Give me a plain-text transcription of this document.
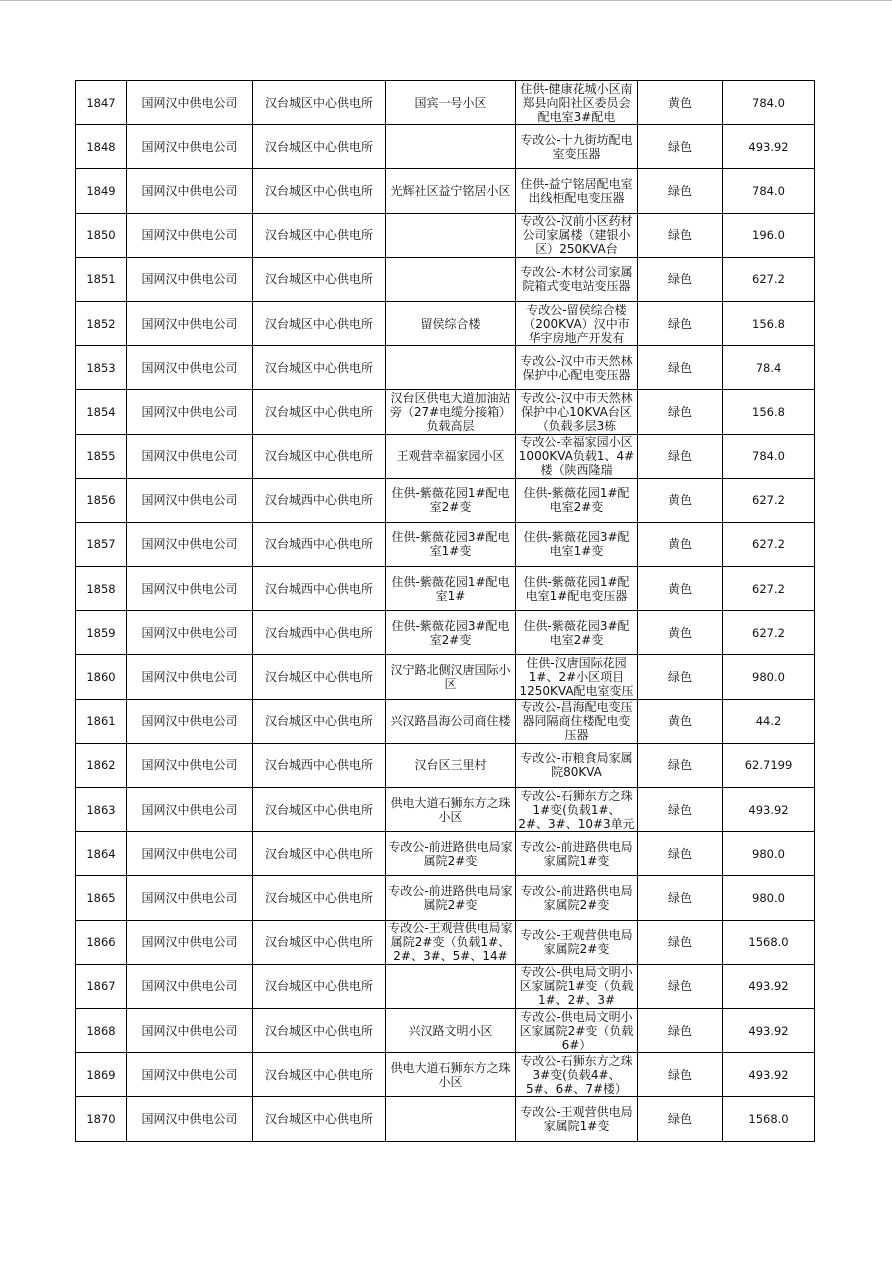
1847	国网汉中供电公司	汉台城区中心供电所	国宾一号小区	住供-健康花城小区南郑县向阳社区委员会配电室3#配电	黄色	784.0
1848	国网汉中供电公司	汉台城区中心供电所		专改公-十九街坊配电室变压器	绿色	493.92
1849	国网汉中供电公司	汉台城区中心供电所	光辉社区益宁铭居小区	住供-益宁铭居配电室出线柜配电变压器	绿色	784.0
1850	国网汉中供电公司	汉台城区中心供电所		专改公-汉前小区药材公司家属楼（建银小区）250KVA台	绿色	196.0
1851	国网汉中供电公司	汉台城区中心供电所		专改公-木材公司家属院箱式变电站变压器	绿色	627.2
1852	国网汉中供电公司	汉台城区中心供电所	留侯综合楼	专改公-留侯综合楼（200KVA）汉中市华宇房地产开发有	绿色	156.8
1853	国网汉中供电公司	汉台城区中心供电所		专改公-汉中市天然林保护中心配电变压器	绿色	78.4
1854	国网汉中供电公司	汉台城区中心供电所	汉台区供电大道加油站旁（27#电缆分接箱）负载高层	专改公-汉中市天然林保护中心10KVA台区（负载多层3栋	绿色	156.8
1855	国网汉中供电公司	汉台城区中心供电所	王观营幸福家园小区	专改公-幸福家园小区1000KVA负载1、4#楼（陕西隆瑞	绿色	784.0
1856	国网汉中供电公司	汉台城西中心供电所	住供-紫薇花园1#配电室2#变	住供-紫薇花园1#配电室2#变	黄色	627.2
1857	国网汉中供电公司	汉台城西中心供电所	住供-紫薇花园3#配电室1#变	住供-紫薇花园3#配电室1#变	黄色	627.2
1858	国网汉中供电公司	汉台城西中心供电所	住供-紫薇花园1#配电室1#	住供-紫薇花园1#配电室1#配电变压器	黄色	627.2
1859	国网汉中供电公司	汉台城西中心供电所	住供-紫薇花园3#配电室2#变	住供-紫薇花园3#配电室2#变	黄色	627.2
1860	国网汉中供电公司	汉台城区中心供电所	汉宁路北侧汉唐国际小区	住供-汉唐国际花园1#、2#小区项目1250KVA配电室变压	绿色	980.0
1861	国网汉中供电公司	汉台城区中心供电所	兴汉路昌海公司商住楼	专改公-昌海配电变压器同隔商住楼配电变压器	黄色	44.2
1862	国网汉中供电公司	汉台城西中心供电所	汉台区三里村	专改公-市粮食局家属院80KVA	绿色	62.7199
1863	国网汉中供电公司	汉台城区中心供电所	供电大道石狮东方之珠小区	专改公-石狮东方之珠1#变(负载1#、2#、3#、10#3单元	绿色	493.92
1864	国网汉中供电公司	汉台城区中心供电所	专改公-前进路供电局家属院2#变	专改公-前进路供电局家属院1#变	绿色	980.0
1865	国网汉中供电公司	汉台城区中心供电所	专改公-前进路供电局家属院2#变	专改公-前进路供电局家属院2#变	绿色	980.0
1866	国网汉中供电公司	汉台城区中心供电所	专改公-王观营供电局家属院2#变（负载1#、2#、3#、5#、14#	专改公-王观营供电局家属院2#变	绿色	1568.0
1867	国网汉中供电公司	汉台城区中心供电所		专改公-供电局文明小区家属院1#变（负载1#、2#、3#	绿色	493.92
1868	国网汉中供电公司	汉台城区中心供电所	兴汉路文明小区	专改公-供电局文明小区家属院2#变（负载6#）	绿色	493.92
1869	国网汉中供电公司	汉台城区中心供电所	供电大道石狮东方之珠小区	专改公-石狮东方之珠3#变(负载4#、5#、6#、7#楼）	绿色	493.92
1870	国网汉中供电公司	汉台城区中心供电所		专改公-王观营供电局家属院1#变	绿色	1568.0
